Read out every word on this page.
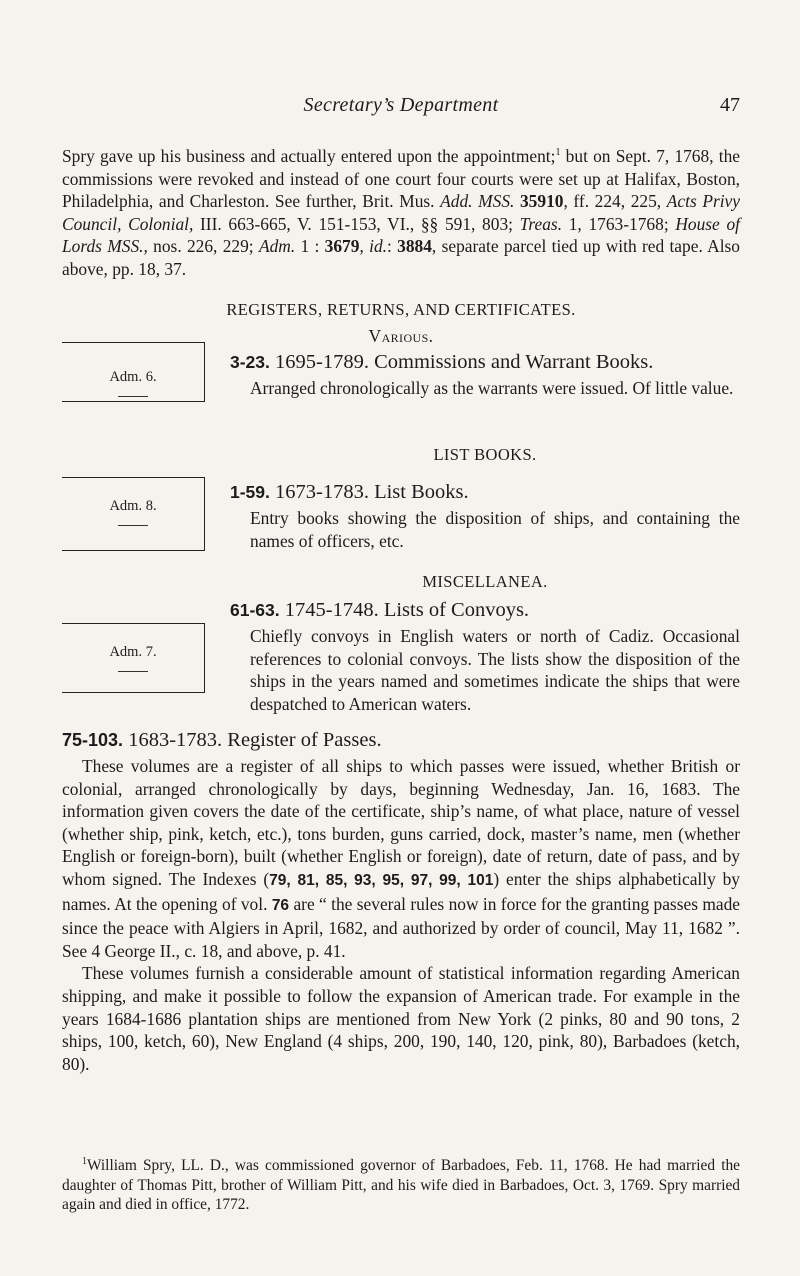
Secretary’s Department	47

Spry gave up his business and actually entered upon the appointment;$^1$ but on Sept. 7, 1768, the commissions were revoked and instead of one court four courts were set up at Halifax, Boston, Philadelphia, and Charleston. See further, Brit. Mus. Add. MSS. 35910, ff. 224, 225, Acts Privy Council, Colonial, III. 663-665, V. 151-153, VI., §§ 591, 803; Treas. 1, 1763-1768; House of Lords MSS., nos. 226, 229; Adm. 1 : 3679, id.: 3884, separate parcel tied up with red tape. Also above, pp. 18, 37.

REGISTERS, RETURNS, AND CERTIFICATES.
Various.
Adm. 6.
3-23. 1695-1789. Commissions and Warrant Books.
Arranged chronologically as the warrants were issued. Of little value.
LIST BOOKS.
Adm. 8.
1-59. 1673-1783. List Books.
Entry books showing the disposition of ships, and containing the names of officers, etc.
MISCELLANEA.
Adm. 7.
61-63. 1745-1748. Lists of Convoys.
Chiefly convoys in English waters or north of Cadiz. Occasional references to colonial convoys. The lists show the disposition of the ships in the years named and sometimes indicate the ships that were despatched to American waters.
75-103. 1683-1783. Register of Passes.

These volumes are a register of all ships to which passes were issued, whether British or colonial, arranged chronologically by days, beginning Wednesday, Jan. 16, 1683. The information given covers the date of the certificate, ship’s name, of what place, nature of vessel (whether ship, pink, ketch, etc.), tons burden, guns carried, dock, master’s name, men (whether English or foreign-born), built (whether English or foreign), date of return, date of pass, and by whom signed. The Indexes (79, 81, 85, 93, 95, 97, 99, 101) enter the ships alphabetically by names. At the opening of vol. 76 are “ the several rules now in force for the granting passes made since the peace with Algiers in April, 1682, and authorized by order of council, May 11, 1682 ”. See 4 George II., c. 18, and above, p. 41.

These volumes furnish a considerable amount of statistical information regarding American shipping, and make it possible to follow the expansion of American trade. For example in the years 1684-1686 plantation ships are mentioned from New York (2 pinks, 80 and 90 tons, 2 ships, 100, ketch, 60), New England (4 ships, 200, 190, 140, 120, pink, 80), Barbadoes (ketch, 80).

$^1$William Spry, LL. D., was commissioned governor of Barbadoes, Feb. 11, 1768. He had married the daughter of Thomas Pitt, brother of William Pitt, and his wife died in Barbadoes, Oct. 3, 1769. Spry married again and died in office, 1772.
